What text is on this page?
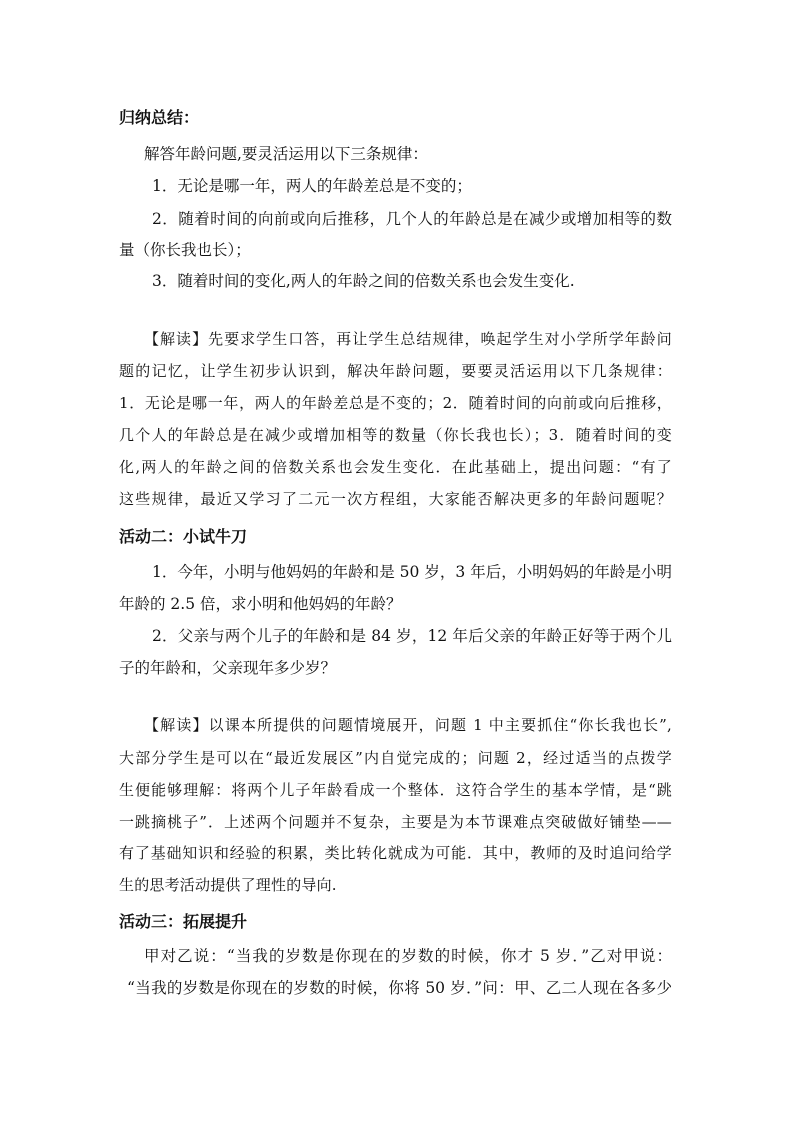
归纳总结：
解答年龄问题,要灵活运用以下三条规律：
1．无论是哪一年，两人的年龄差总是不变的；
2．随着时间的向前或向后推移，几个人的年龄总是在减少或增加相等的数
量（你长我也长）；
3．随着时间的变化,两人的年龄之间的倍数关系也会发生变化.
【解读】先要求学生口答，再让学生总结规律，唤起学生对小学所学年龄问
题的记忆，让学生初步认识到，解决年龄问题，要要灵活运用以下几条规律：
1．无论是哪一年，两人的年龄差总是不变的；2．随着时间的向前或向后推移，
几个人的年龄总是在减少或增加相等的数量（你长我也长）；3．随着时间的变
化,两人的年龄之间的倍数关系也会发生变化．在此基础上，提出问题：“有了
这些规律，最近又学习了二元一次方程组，大家能否解决更多的年龄问题呢？
活动二：小试牛刀
1．今年，小明与他妈妈的年龄和是 50 岁，3 年后，小明妈妈的年龄是小明
年龄的 2.5 倍，求小明和他妈妈的年龄？
2．父亲与两个儿子的年龄和是 84 岁，12 年后父亲的年龄正好等于两个儿
子的年龄和，父亲现年多少岁？
【解读】以课本所提供的问题情境展开，问题 1 中主要抓住“你长我也长”,
大部分学生是可以在“最近发展区”内自觉完成的；问题 2，经过适当的点拨学
生便能够理解：将两个儿子年龄看成一个整体．这符合学生的基本学情，是“跳
一跳摘桃子”．上述两个问题并不复杂，主要是为本节课难点突破做好铺垫——
有了基础知识和经验的积累，类比转化就成为可能．其中，教师的及时追问给学
生的思考活动提供了理性的导向.
活动三：拓展提升
甲对乙说：“当我的岁数是你现在的岁数的时候，你才 5 岁．”乙对甲说：
“当我的岁数是你现在的岁数的时候，你将 50 岁．”问：甲、乙二人现在各多少
